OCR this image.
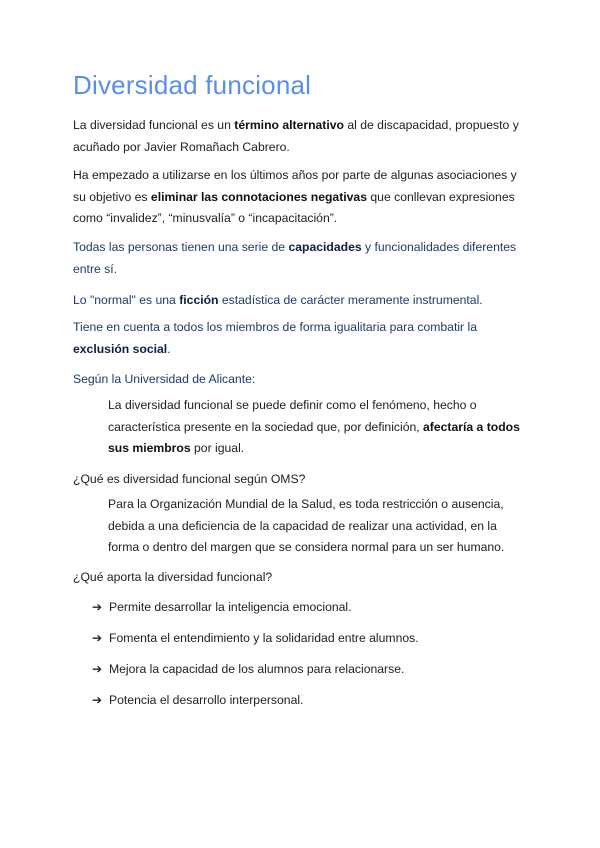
Diversidad funcional

La diversidad funcional es un término alternativo al de discapacidad, propuesto y
acuñado por Javier Romañach Cabrero.

Ha empezado a utilizarse en los últimos años por parte de algunas asociaciones y
su objetivo es eliminar las connotaciones negativas que conllevan expresiones
como “invalidez”, “minusvalía” o “incapacitación”.

Todas las personas tienen una serie de capacidades y funcionalidades diferentes
entre sí.

Lo "normal" es una ficción estadística de carácter meramente instrumental.

Tiene en cuenta a todos los miembros de forma igualitaria para combatir la
exclusión social.

Según la Universidad de Alicante:

La diversidad funcional se puede definir como el fenómeno, hecho o
característica presente en la sociedad que, por definición, afectaría a todos
sus miembros por igual.

¿Qué es diversidad funcional según OMS?

Para la Organización Mundial de la Salud, es toda restricción o ausencia,
debida a una deficiencia de la capacidad de realizar una actividad, en la
forma o dentro del margen que se considera normal para un ser humano.

¿Qué aporta la diversidad funcional?

➔ Permite desarrollar la inteligencia emocional.
➔ Fomenta el entendimiento y la solidaridad entre alumnos.
➔ Mejora la capacidad de los alumnos para relacionarse.
➔ Potencia el desarrollo interpersonal.
